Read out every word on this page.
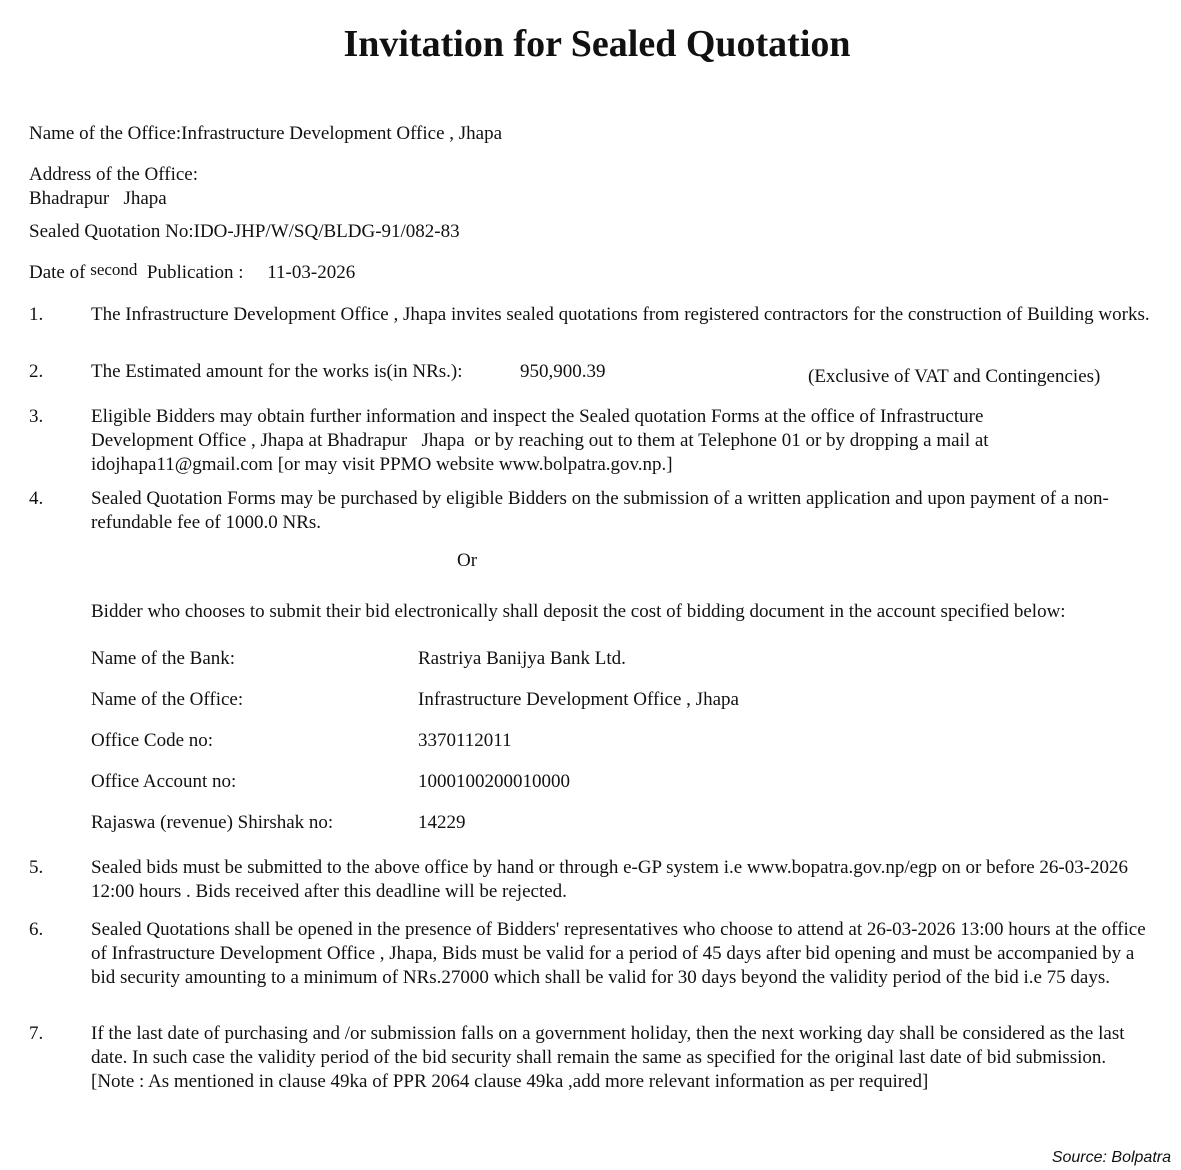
Invitation for Sealed Quotation
Name of the Office:Infrastructure Development Office , Jhapa
Address of the Office:
Bhadrapur   Jhapa
Sealed Quotation No:IDO-JHP/W/SQ/BLDG-91/082-83
Date of second Publication : 11-03-2026
1.	The Infrastructure Development Office , Jhapa invites sealed quotations from registered contractors for the construction of Building works.
2.	The Estimated amount for the works is(in NRs.):	950,900.39	(Exclusive of VAT and Contingencies)
3.	Eligible Bidders may obtain further information and inspect the Sealed quotation Forms at the office of Infrastructure Development Office , Jhapa at Bhadrapur   Jhapa  or by reaching out to them at Telephone 01 or by dropping a mail at idojhapa11@gmail.com [or may visit PPMO website www.bolpatra.gov.np.]
4.	Sealed Quotation Forms may be purchased by eligible Bidders on the submission of a written application and upon payment of a non-refundable fee of 1000.0 NRs.
Or
Bidder who chooses to submit their bid electronically shall deposit the cost of bidding document in the account specified below:
Name of the Bank:	Rastriya Banijya Bank Ltd.
Name of the Office:	Infrastructure Development Office , Jhapa
Office Code no:	3370112011
Office Account no:	1000100200010000
Rajaswa (revenue) Shirshak no:	14229
5.	Sealed bids must be submitted to the above office by hand or through e-GP system i.e www.bopatra.gov.np/egp on or before 26-03-2026 12:00 hours . Bids received after this deadline will be rejected.
6.	Sealed Quotations shall be opened in the presence of Bidders' representatives who choose to attend at 26-03-2026 13:00 hours at the office of Infrastructure Development Office , Jhapa, Bids must be valid for a period of 45 days after bid opening and must be accompanied by a bid security amounting to a minimum of NRs.27000 which shall be valid for 30 days beyond the validity period of the bid i.e 75 days.
7.	If the last date of purchasing and /or submission falls on a government holiday, then the next working day shall be considered as the last date. In such case the validity period of the bid security shall remain the same as specified for the original last date of bid submission.
[Note : As mentioned in clause 49ka of PPR 2064 clause 49ka ,add more relevant information as per required]
Source: Bolpatra
